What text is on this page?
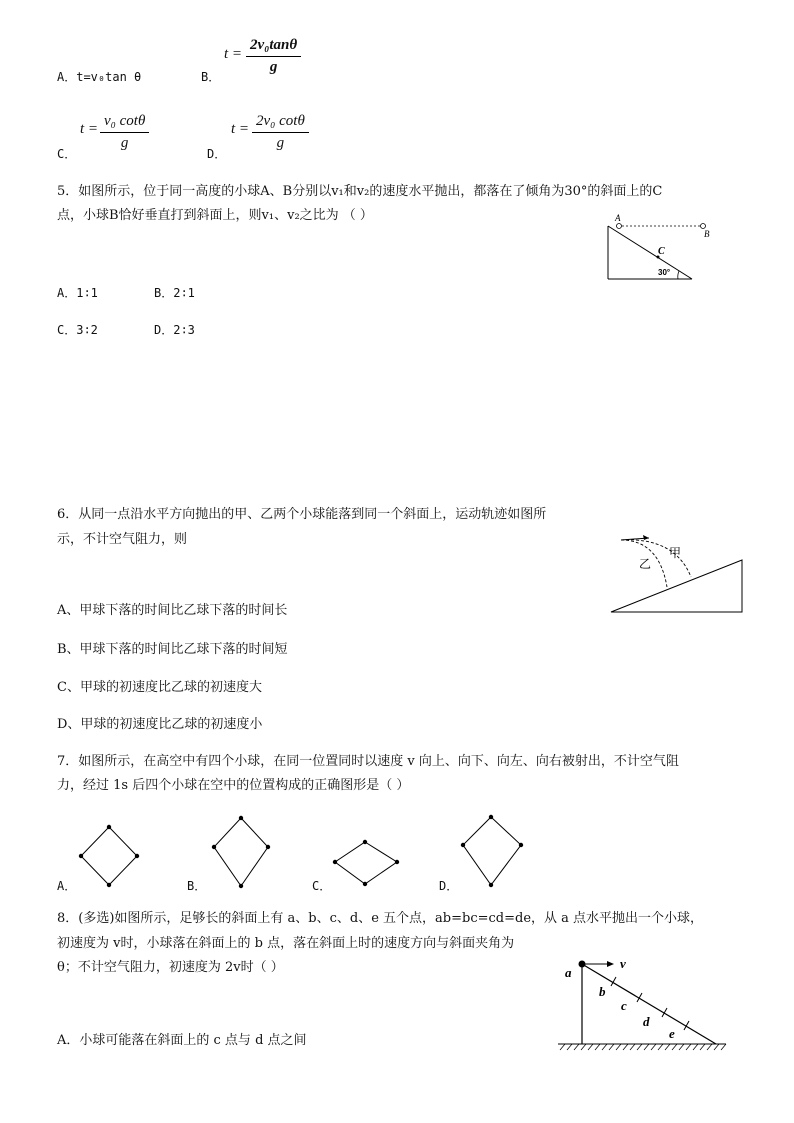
A．t=v₀tan θ	B．
$t = \frac{\text{2v₀tanθ}}{g}$
C．
$t = \frac{\text{v₀ cotθ}}{g}$
D．
$t = \frac{\text{2v₀ cotθ}}{g}$
5．如图所示，位于同一高度的小球A、B分别以v₁和v₂的速度水平抛出，都落在了倾角为30°的斜面上的C
点，小球B恰好垂直打到斜面上，则v₁、v₂之比为 （ ）	A
B
C
30°
A．1∶1	B．2∶1
C．3∶2	D．2∶3
6．从同一点沿水平方向抛出的甲、乙两个小球能落到同一个斜面上，运动轨迹如图所
示，不计空气阻力，则
甲
乙
A、甲球下落的时间比乙球下落的时间长
B、甲球下落的时间比乙球下落的时间短
C、甲球的初速度比乙球的初速度大
D、甲球的初速度比乙球的初速度小
7．如图所示，在高空中有四个小球，在同一位置同时以速度 v 向上、向下、向左、向右被射出，不计空气阻
力，经过 1s 后四个小球在空中的位置构成的正确图形是（ ）
A．	B．	C．	D．
8．(多选)如图所示，足够长的斜面上有 a、b、c、d、e 五个点，ab=bc=cd=de，从 a 点水平抛出一个小球，
初速度为 v时，小球落在斜面上的 b 点，落在斜面上时的速度方向与斜面夹角为
θ；不计空气阻力，初速度为 2v时（ ）	a
v
b
c
d
e
A．小球可能落在斜面上的 c 点与 d 点之间
